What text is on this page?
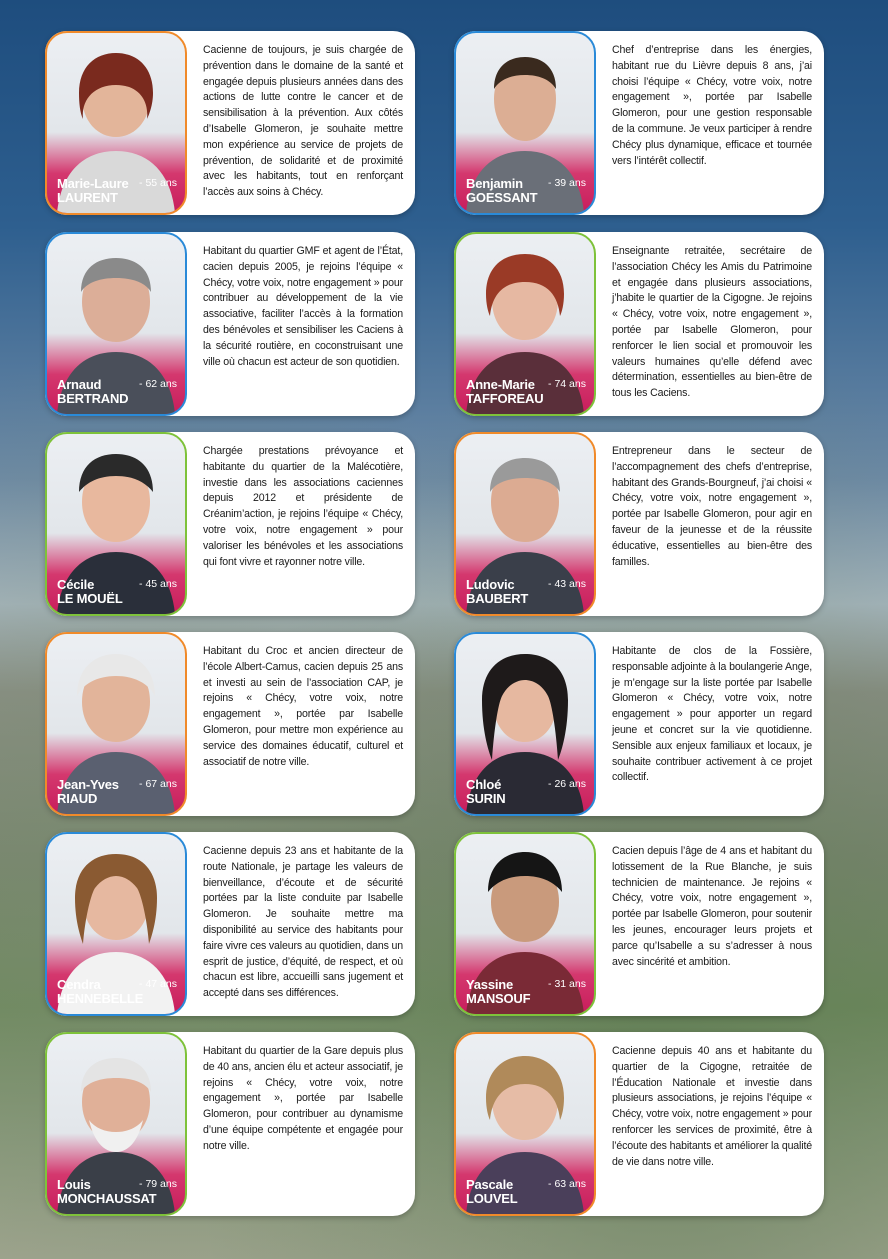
Marie-Laure
LAURENT
- 55 ans
Cacienne de toujours, je suis chargée de prévention dans le domaine de la santé et engagée depuis plusieurs années dans des actions de lutte contre le cancer et de sensibilisation à la prévention. Aux côtés d’Isabelle Glomeron, je souhaite mettre mon expérience au service de projets de prévention, de solidarité et de proximité avec les habitants, tout en renforçant l’accès aux soins à Chécy.
Benjamin
GOESSANT
- 39 ans
Chef d’entreprise dans les énergies, habitant rue du Lièvre depuis 8 ans, j’ai choisi l’équipe « Chécy, votre voix, notre engagement », portée par Isabelle Glomeron, pour une gestion responsable de la commune. Je veux participer à rendre Chécy plus dynamique, efficace et tournée vers l’intérêt collectif.
Arnaud
BERTRAND
- 62 ans
Habitant du quartier GMF et agent de l’État, cacien depuis 2005, je rejoins l’équipe « Chécy, votre voix, notre engagement » pour contribuer au développement de la vie associative, faciliter l’accès à la formation des bénévoles et sensibiliser les Caciens à la sécurité routière, en coconstruisant une ville où chacun est acteur de son quotidien.
Anne-Marie
TAFFOREAU
- 74 ans
Enseignante retraitée, secrétaire de l’association Chécy les Amis du Patrimoine et engagée dans plusieurs associations, j’habite le quartier de la Cigogne. Je rejoins « Chécy, votre voix, notre engagement », portée par Isabelle Glomeron, pour renforcer le lien social et promouvoir les valeurs humaines qu’elle défend avec détermination, essentielles au bien-être de tous les Caciens.
Cécile
LE MOUËL
- 45 ans
Chargée prestations prévoyance et habitante du quartier de la Malécotière, investie dans les associations caciennes depuis 2012 et présidente de Créanim’action, je rejoins l’équipe « Chécy, votre voix, notre engagement » pour valoriser les bénévoles et les associations qui font vivre et rayonner notre ville.
Ludovic
BAUBERT
- 43 ans
Entrepreneur dans le secteur de l’accompagnement des chefs d’entreprise, habitant des Grands-Bourgneuf, j’ai choisi « Chécy, votre voix, notre engagement », portée par Isabelle Glomeron, pour agir en faveur de la jeunesse et de la réussite éducative, essentielles au bien-être des familles.
Jean-Yves
RIAUD
- 67 ans
Habitant du Croc et ancien directeur de l’école Albert-Camus, cacien depuis 25 ans et investi au sein de l’association CAP, je rejoins « Chécy, votre voix, notre engagement », portée par Isabelle Glomeron, pour mettre mon expérience au service des domaines éducatif, culturel et associatif de notre ville.
Chloé
SURIN
- 26 ans
Habitante de clos de la Fossière, responsable adjointe à la boulangerie Ange, je m’engage sur la liste portée par Isabelle Glomeron « Chécy, votre voix, notre engagement » pour apporter un regard jeune et concret sur la vie quotidienne. Sensible aux enjeux familiaux et locaux, je souhaite contribuer activement à ce projet collectif.
Cendra
HENNEBELLE
- 47 ans
Cacienne depuis 23 ans et habitante de la route Nationale, je partage les valeurs de bienveillance, d’écoute et de sécurité portées par la liste conduite par Isabelle Glomeron. Je souhaite mettre ma disponibilité au service des habitants pour faire vivre ces valeurs au quotidien, dans un esprit de justice, d’équité, de respect, et où chacun est libre, accueilli sans jugement et accepté dans ses différences.
Yassine
MANSOUF
- 31 ans
Cacien depuis l’âge de 4 ans et habitant du lotissement de la Rue Blanche, je suis technicien de maintenance. Je rejoins « Chécy, votre voix, notre engagement », portée par Isabelle Glomeron, pour soutenir les jeunes, encourager leurs projets et parce qu’Isabelle a su s’adresser à nous avec sincérité et ambition.
Louis
MONCHAUSSAT
- 79 ans
Habitant du quartier de la Gare depuis plus de 40 ans, ancien élu et acteur associatif, je rejoins « Chécy, votre voix, notre engagement », portée par Isabelle Glomeron, pour contribuer au dynamisme d’une équipe compétente et engagée pour notre ville.
Pascale
LOUVEL
- 63 ans
Cacienne depuis 40 ans et habitante du quartier de la Cigogne, retraitée de l’Éducation Nationale et investie dans plusieurs associations, je rejoins l’équipe « Chécy, votre voix, notre engagement » pour renforcer les services de proximité, être à l’écoute des habitants et améliorer la qualité de vie dans notre ville.
